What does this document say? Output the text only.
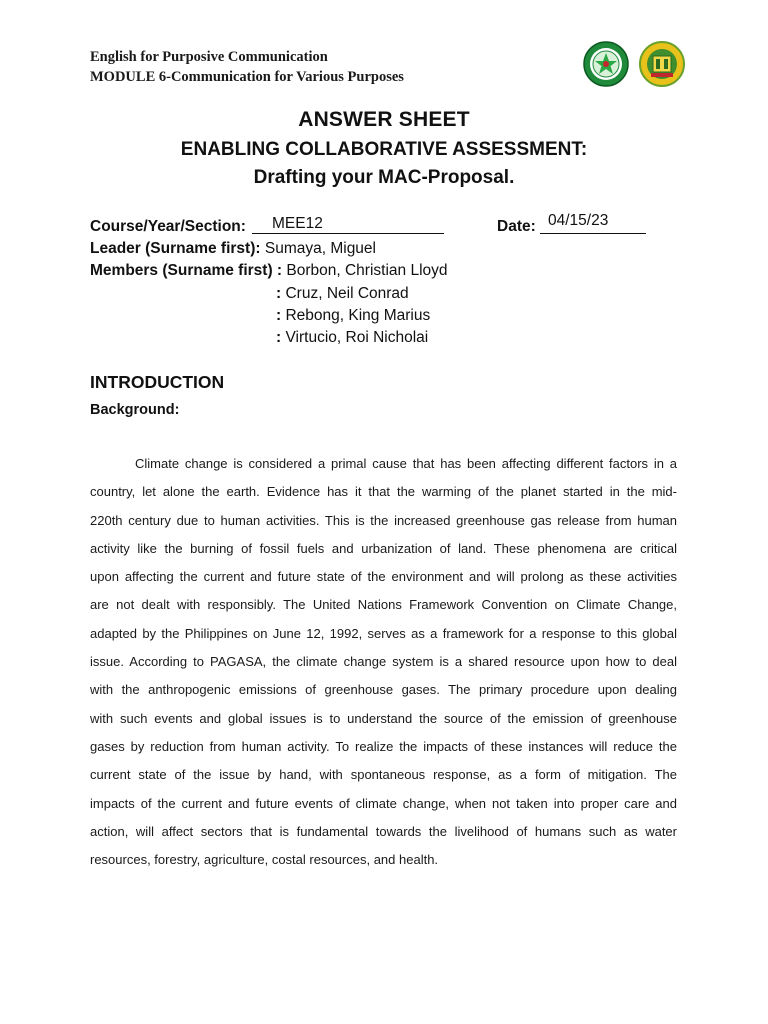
English for Purposive Communication
MODULE 6-Communication for Various Purposes
ANSWER SHEET
ENABLING COLLABORATIVE ASSESSMENT:
Drafting your MAC-Proposal.
Course/Year/Section: MEE12	Date: 04/15/23
Leader (Surname first): Sumaya, Miguel
Members (Surname first) : Borbon, Christian Lloyd
: Cruz, Neil Conrad
: Rebong, King Marius
: Virtucio, Roi Nicholai
INTRODUCTION
Background:
Climate change is considered a primal cause that has been affecting different factors in a
country, let alone the earth. Evidence has it that the warming of the planet started in the mid-
220th century due to human activities. This is the increased greenhouse gas release from human
activity like the burning of fossil fuels and urbanization of land. These phenomena are critical
upon affecting the current and future state of the environment and will prolong as these activities
are not dealt with responsibly. The United Nations Framework Convention on Climate Change,
adapted by the Philippines on June 12, 1992, serves as a framework for a response to this global
issue. According to PAGASA, the climate change system is a shared resource upon how to deal
with the anthropogenic emissions of greenhouse gases. The primary procedure upon dealing
with such events and global issues is to understand the source of the emission of greenhouse
gases by reduction from human activity. To realize the impacts of these instances will reduce the
current state of the issue by hand, with spontaneous response, as a form of mitigation. The
impacts of the current and future events of climate change, when not taken into proper care and
action, will affect sectors that is fundamental towards the livelihood of humans such as water
resources, forestry, agriculture, costal resources, and health.
